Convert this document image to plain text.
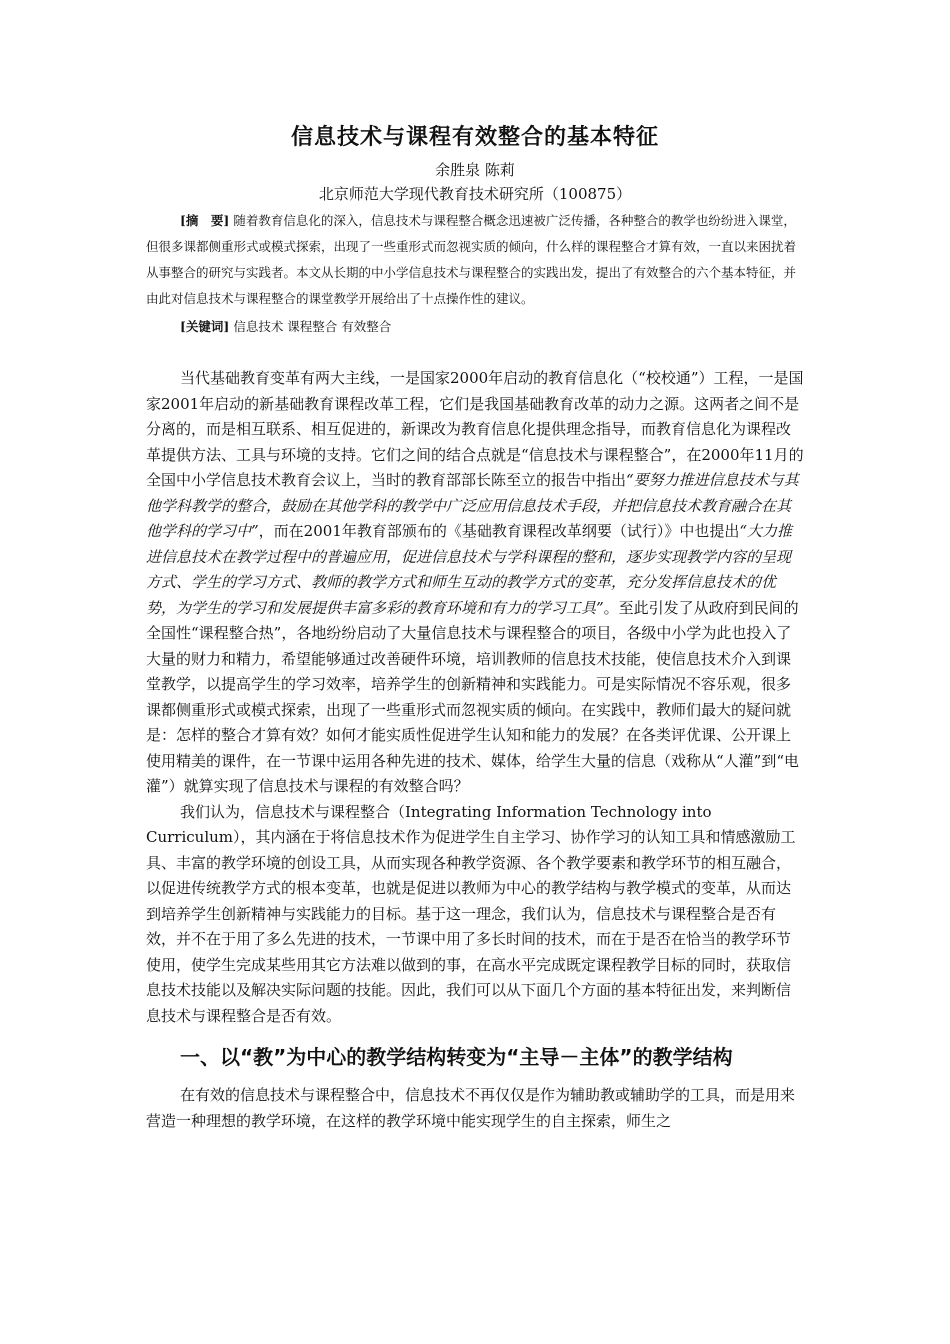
信息技术与课程有效整合的基本特征

余胜泉 陈莉

北京师范大学现代教育技术研究所（100875）

[摘　要] 随着教育信息化的深入，信息技术与课程整合概念迅速被广泛传播，各种整合的教学也纷纷进入课堂，但很多课都侧重形式或模式探索，出现了一些重形式而忽视实质的倾向，什么样的课程整合才算有效，一直以来困扰着从事整合的研究与实践者。本文从长期的中小学信息技术与课程整合的实践出发，提出了有效整合的六个基本特征，并由此对信息技术与课程整合的课堂教学开展给出了十点操作性的建议。

[关键词] 信息技术 课程整合 有效整合

当代基础教育变革有两大主线，一是国家2000年启动的教育信息化（“校校通”）工程，一是国家2001年启动的新基础教育课程改革工程，它们是我国基础教育改革的动力之源。这两者之间不是分离的，而是相互联系、相互促进的，新课改为教育信息化提供理念指导，而教育信息化为课程改革提供方法、工具与环境的支持。它们之间的结合点就是“信息技术与课程整合”，在2000年11月的全国中小学信息技术教育会议上，当时的教育部部长陈至立的报告中指出“要努力推进信息技术与其他学科教学的整合，鼓励在其他学科的教学中广泛应用信息技术手段，并把信息技术教育融合在其他学科的学习中”，而在2001年教育部颁布的《基础教育课程改革纲要（试行）》中也提出“大力推进信息技术在教学过程中的普遍应用，促进信息技术与学科课程的整和，逐步实现教学内容的呈现方式、学生的学习方式、教师的教学方式和师生互动的教学方式的变革，充分发挥信息技术的优势，为学生的学习和发展提供丰富多彩的教育环境和有力的学习工具”。至此引发了从政府到民间的全国性“课程整合热”，各地纷纷启动了大量信息技术与课程整合的项目，各级中小学为此也投入了大量的财力和精力，希望能够通过改善硬件环境，培训教师的信息技术技能，使信息技术介入到课堂教学，以提高学生的学习效率，培养学生的创新精神和实践能力。可是实际情况不容乐观，很多课都侧重形式或模式探索，出现了一些重形式而忽视实质的倾向。在实践中，教师们最大的疑问就是：怎样的整合才算有效？如何才能实质性促进学生认知和能力的发展？在各类评优课、公开课上使用精美的课件，在一节课中运用各种先进的技术、媒体，给学生大量的信息（戏称从“人灌”到“电灌”）就算实现了信息技术与课程的有效整合吗？

我们认为，信息技术与课程整合（Integrating Information Technology into Curriculum），其内涵在于将信息技术作为促进学生自主学习、协作学习的认知工具和情感激励工具、丰富的教学环境的创设工具，从而实现各种教学资源、各个教学要素和教学环节的相互融合，以促进传统教学方式的根本变革，也就是促进以教师为中心的教学结构与教学模式的变革，从而达到培养学生创新精神与实践能力的目标。基于这一理念，我们认为，信息技术与课程整合是否有效，并不在于用了多么先进的技术，一节课中用了多长时间的技术，而在于是否在恰当的教学环节使用，使学生完成某些用其它方法难以做到的事，在高水平完成既定课程教学目标的同时，获取信息技术技能以及解决实际问题的技能。因此，我们可以从下面几个方面的基本特征出发，来判断信息技术与课程整合是否有效。

一、以“教”为中心的教学结构转变为“主导－主体”的教学结构

在有效的信息技术与课程整合中，信息技术不再仅仅是作为辅助教或辅助学的工具，而是用来营造一种理想的教学环境，在这样的教学环境中能实现学生的自主探索，师生之
